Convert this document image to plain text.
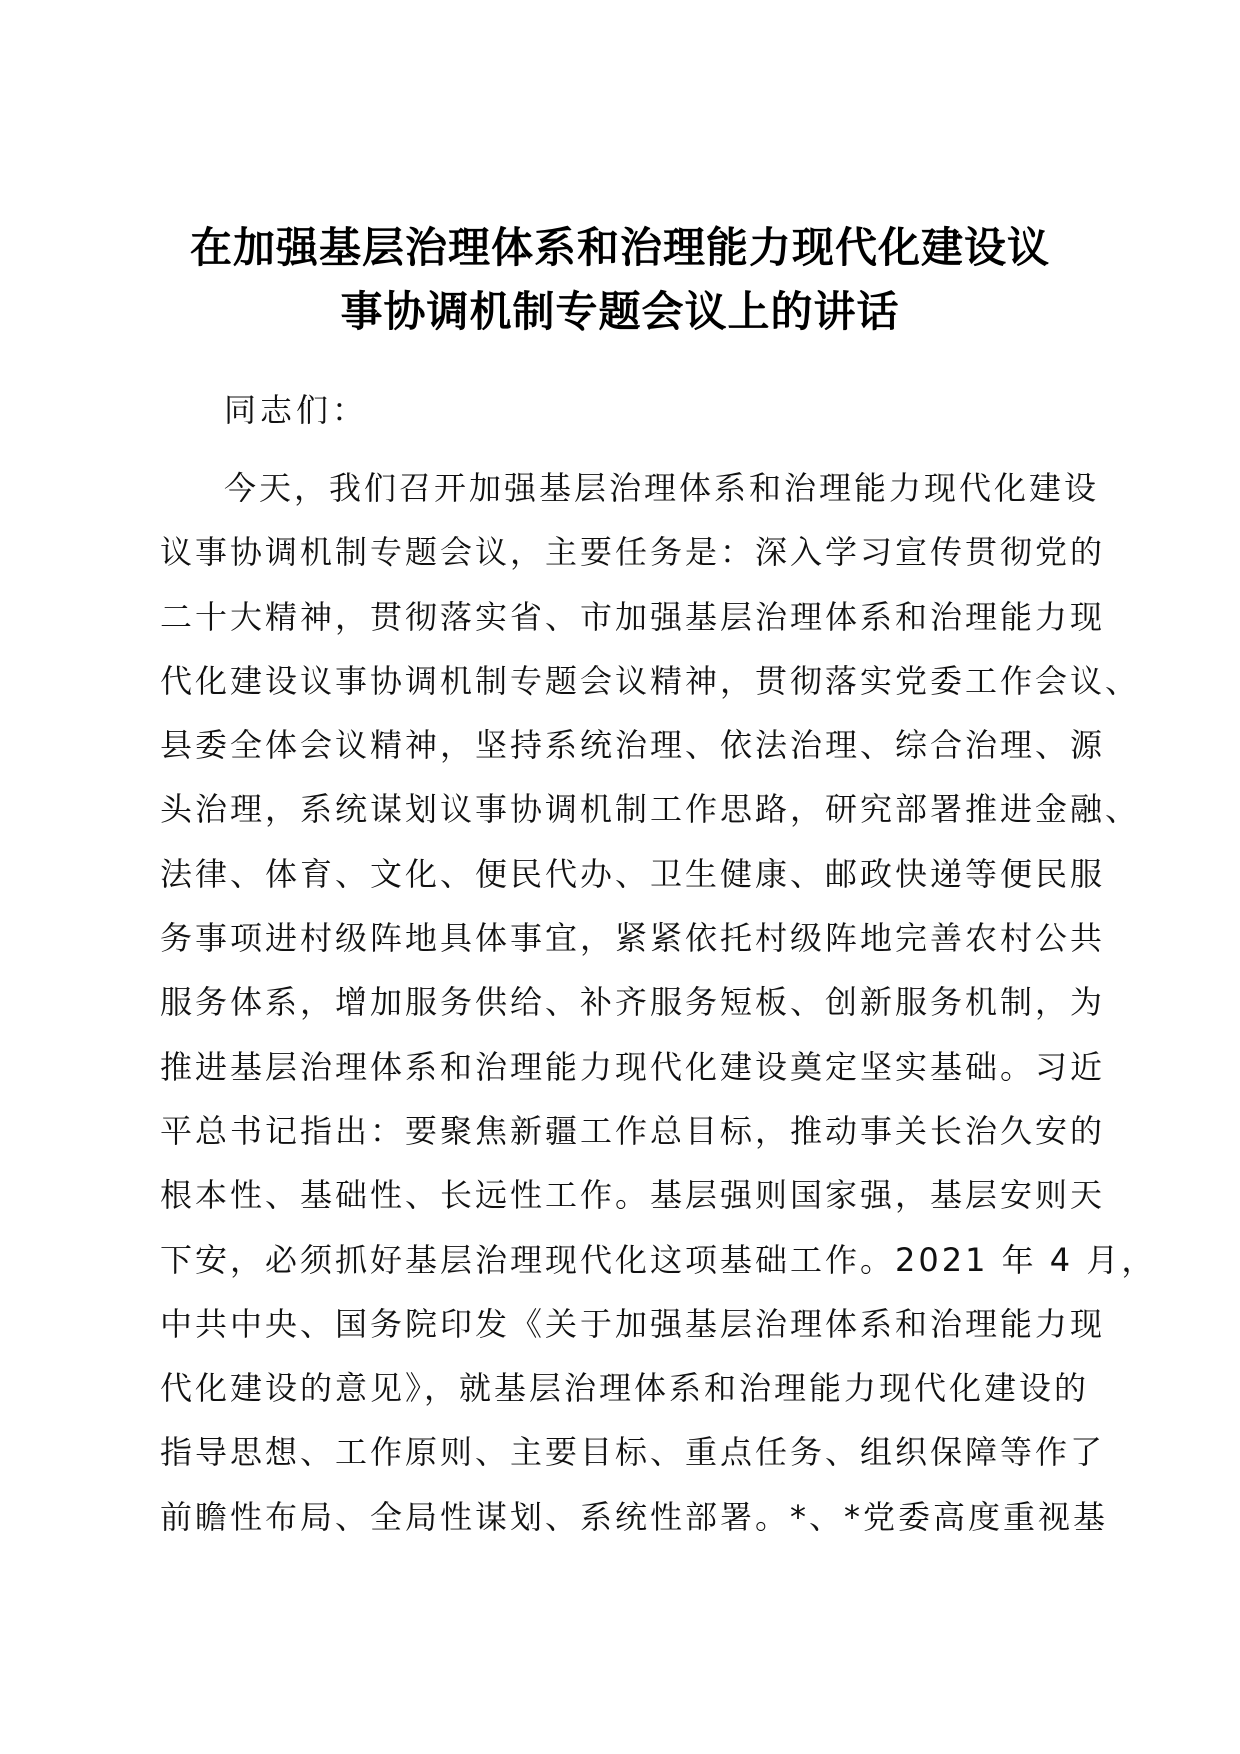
在加强基层治理体系和治理能力现代化建设议
事协调机制专题会议上的讲话
同志们：
今天，我们召开加强基层治理体系和治理能力现代化建设
议事协调机制专题会议，主要任务是：深入学习宣传贯彻党的
二十大精神，贯彻落实省、市加强基层治理体系和治理能力现
代化建设议事协调机制专题会议精神，贯彻落实党委工作会议、
县委全体会议精神，坚持系统治理、依法治理、综合治理、源
头治理，系统谋划议事协调机制工作思路，研究部署推进金融、
法律、体育、文化、便民代办、卫生健康、邮政快递等便民服
务事项进村级阵地具体事宜，紧紧依托村级阵地完善农村公共
服务体系，增加服务供给、补齐服务短板、创新服务机制，为
推进基层治理体系和治理能力现代化建设奠定坚实基础。习近
平总书记指出：要聚焦新疆工作总目标，推动事关长治久安的
根本性、基础性、长远性工作。基层强则国家强，基层安则天
下安，必须抓好基层治理现代化这项基础工作。2021 年 4 月，
中共中央、国务院印发《关于加强基层治理体系和治理能力现
代化建设的意见》，就基层治理体系和治理能力现代化建设的
指导思想、工作原则、主要目标、重点任务、组织保障等作了
前瞻性布局、全局性谋划、系统性部署。*、*党委高度重视基
